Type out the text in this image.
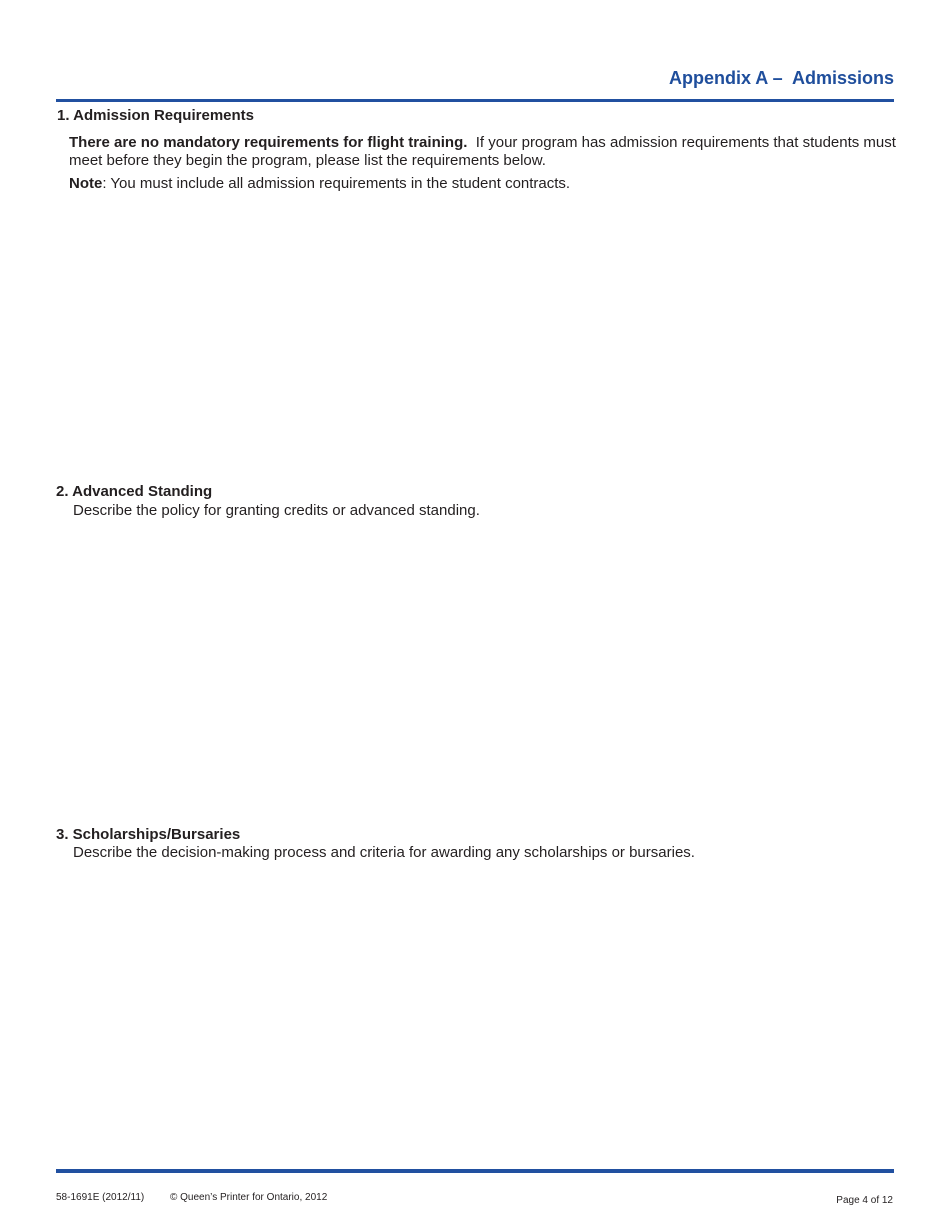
Appendix A –  Admissions
1. Admission Requirements
There are no mandatory requirements for flight training. If your program has admission requirements that students must meet before they begin the program, please list the requirements below.
Note: You must include all admission requirements in the student contracts.
2. Advanced Standing
Describe the policy for granting credits or advanced standing.
3. Scholarships/Bursaries
Describe the decision-making process and criteria for awarding any scholarships or bursaries.
58-1691E (2012/11)	© Queen’s Printer for Ontario, 2012	Page 4 of 12
